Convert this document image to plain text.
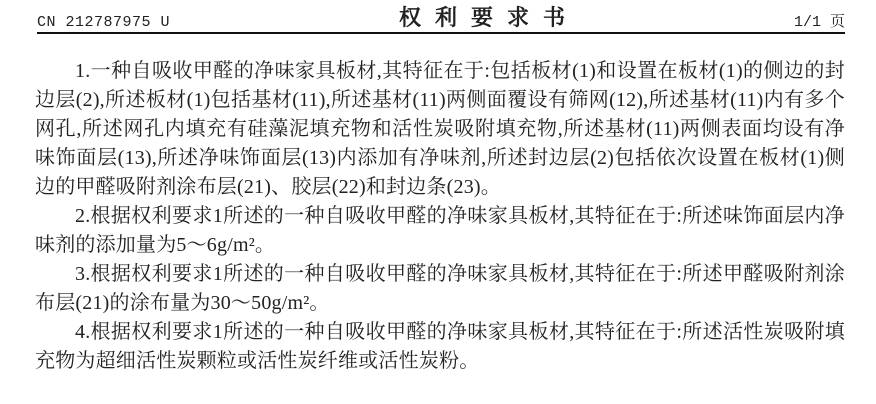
CN 212787975 U	权利要求书	1/1 页

1.一种自吸收甲醛的净味家具板材,其特征在于:包括板材(1)和设置在板材(1)的侧边的封边层(2),所述板材(1)包括基材(11),所述基材(11)两侧面覆设有筛网(12),所述基材(11)内有多个网孔,所述网孔内填充有硅藻泥填充物和活性炭吸附填充物,所述基材(11)两侧表面均设有净味饰面层(13),所述净味饰面层(13)内添加有净味剂,所述封边层(2)包括依次设置在板材(1)侧边的甲醛吸附剂涂布层(21)、胶层(22)和封边条(23)。

2.根据权利要求1所述的一种自吸收甲醛的净味家具板材,其特征在于:所述味饰面层内净味剂的添加量为5～6g/m²。

3.根据权利要求1所述的一种自吸收甲醛的净味家具板材,其特征在于:所述甲醛吸附剂涂布层(21)的涂布量为30～50g/m²。

4.根据权利要求1所述的一种自吸收甲醛的净味家具板材,其特征在于:所述活性炭吸附填充物为超细活性炭颗粒或活性炭纤维或活性炭粉。
